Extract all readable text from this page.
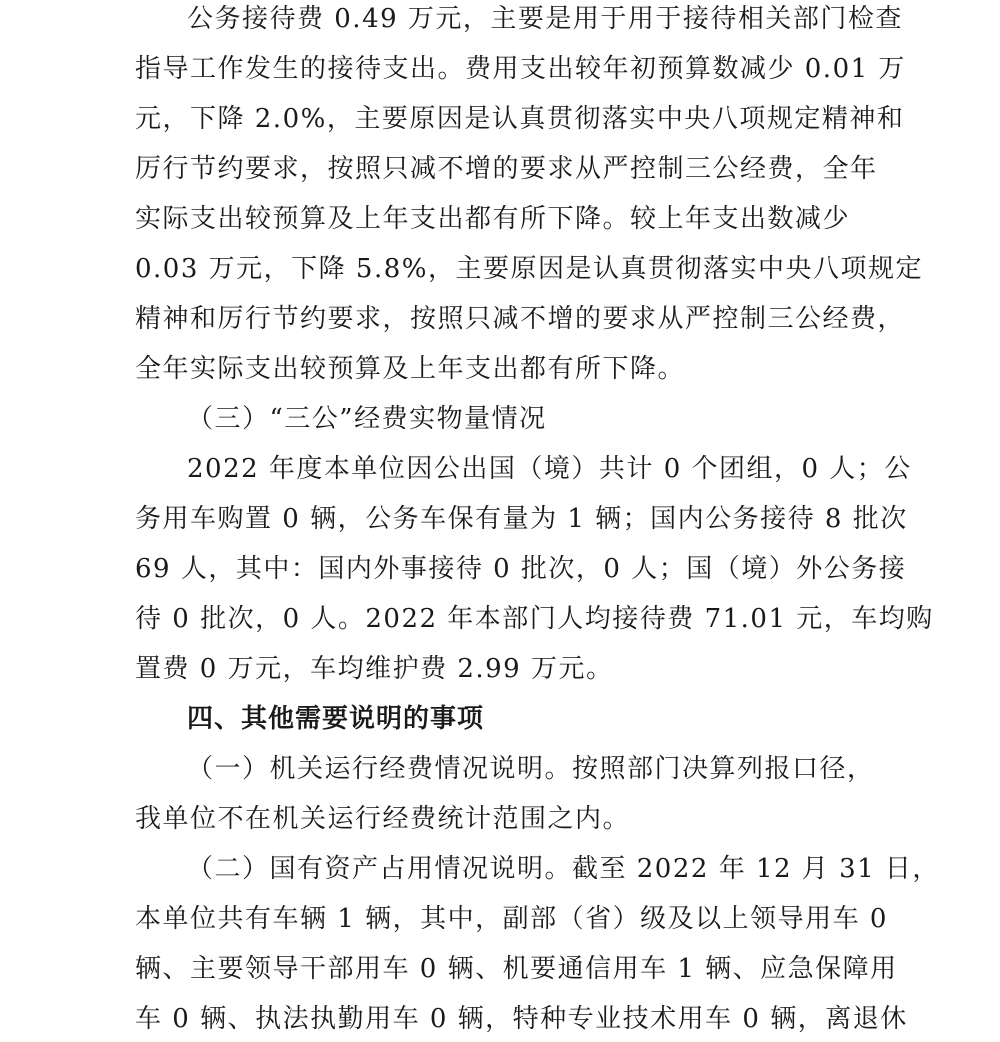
公务接待费 0.49 万元，主要是用于用于接待相关部门检查
指导工作发生的接待支出。费用支出较年初预算数减少 0.01 万
元，下降 2.0%，主要原因是认真贯彻落实中央八项规定精神和
厉行节约要求，按照只减不增的要求从严控制三公经费，全年
实际支出较预算及上年支出都有所下降。较上年支出数减少
0.03 万元，下降 5.8%，主要原因是认真贯彻落实中央八项规定
精神和厉行节约要求，按照只减不增的要求从严控制三公经费，
全年实际支出较预算及上年支出都有所下降。
（三）“三公”经费实物量情况
2022 年度本单位因公出国（境）共计 0 个团组，0 人；公
务用车购置 0 辆，公务车保有量为 1 辆；国内公务接待 8 批次
69 人，其中：国内外事接待 0 批次，0 人；国（境）外公务接
待 0 批次，0 人。2022 年本部门人均接待费 71.01 元，车均购
置费 0 万元，车均维护费 2.99 万元。
四、其他需要说明的事项
（一）机关运行经费情况说明。按照部门决算列报口径，
我单位不在机关运行经费统计范围之内。
（二）国有资产占用情况说明。截至 2022 年 12 月 31 日，
本单位共有车辆 1 辆，其中，副部（省）级及以上领导用车 0
辆、主要领导干部用车 0 辆、机要通信用车 1 辆、应急保障用
车 0 辆、执法执勤用车 0 辆，特种专业技术用车 0 辆，离退休
